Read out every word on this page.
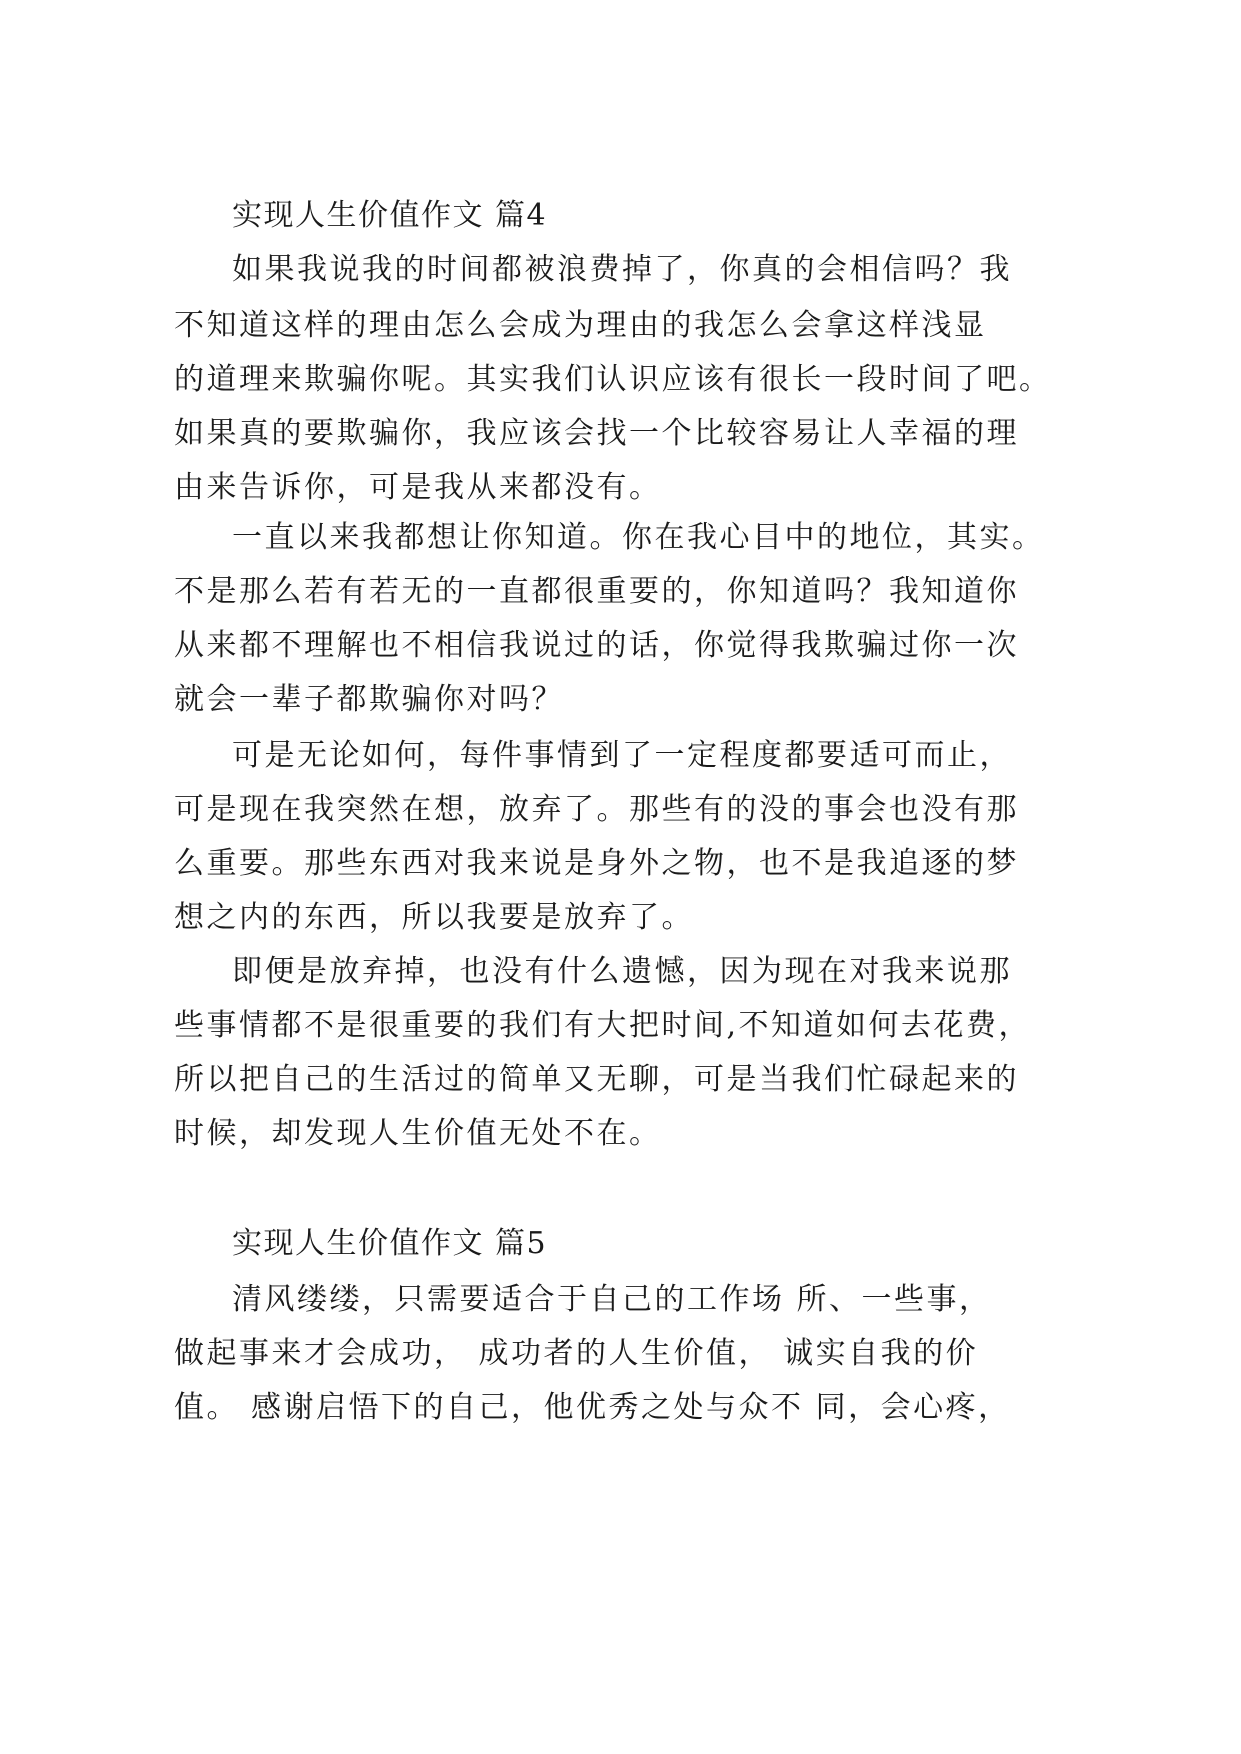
实现人生价值作文 篇4
如果我说我的时间都被浪费掉了，你真的会相信吗？我
不知道这样的理由怎么会成为理由的我怎么会拿这样浅显
的道理来欺骗你呢。其实我们认识应该有很长一段时间了吧。
如果真的要欺骗你，我应该会找一个比较容易让人幸福的理
由来告诉你，可是我从来都没有。
一直以来我都想让你知道。你在我心目中的地位，其实。
不是那么若有若无的一直都很重要的，你知道吗？我知道你
从来都不理解也不相信我说过的话，你觉得我欺骗过你一次
就会一辈子都欺骗你对吗？
可是无论如何，每件事情到了一定程度都要适可而止，
可是现在我突然在想，放弃了。那些有的没的事会也没有那
么重要。那些东西对我来说是身外之物，也不是我追逐的梦
想之内的东西，所以我要是放弃了。
即便是放弃掉，也没有什么遗憾，因为现在对我来说那
些事情都不是很重要的我们有大把时间,不知道如何去花费，
所以把自己的生活过的简单又无聊，可是当我们忙碌起来的
时候，却发现人生价值无处不在。
实现人生价值作文 篇5
清风缕缕，只需要适合于自己的工作场 所、一些事，
做起事来才会成功， 成功者的人生价值， 诚实自我的价
值。 感谢启悟下的自己，他优秀之处与众不 同，会心疼，
